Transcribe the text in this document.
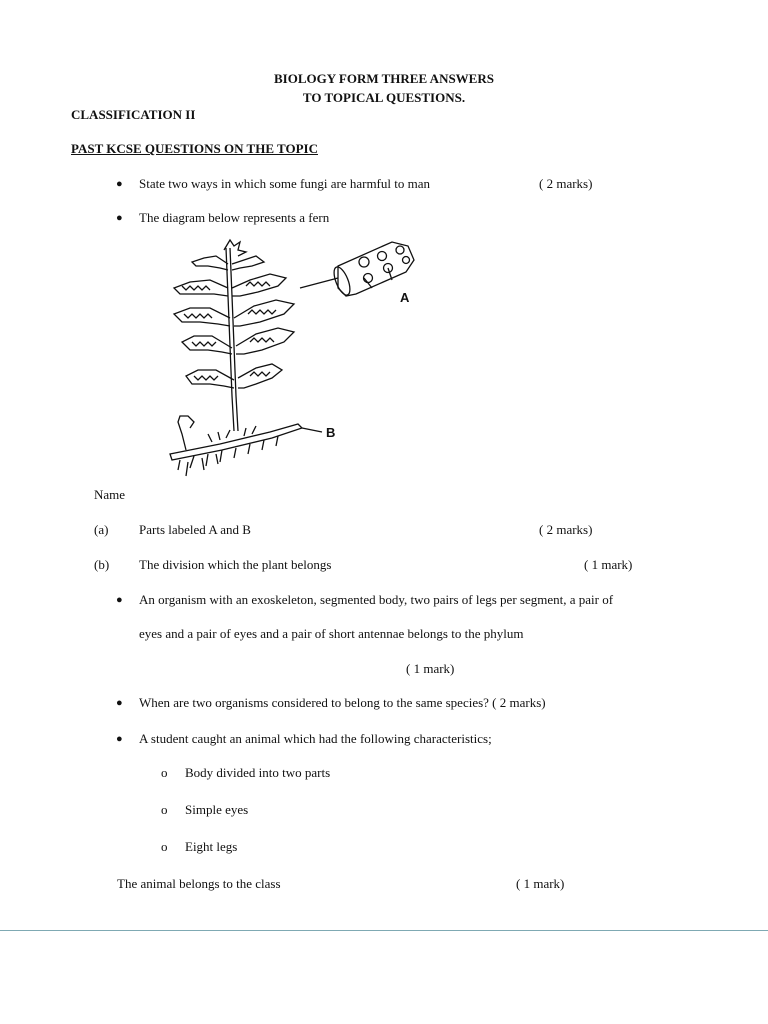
BIOLOGY FORM THREE ANSWERS
TO TOPICAL QUESTIONS.
CLASSIFICATION II
PAST KCSE QUESTIONS ON THE TOPIC
● State two ways in which some fungi are harmful to man	( 2 marks)
● The diagram below represents a fern
A
B
Name
(a) Parts labeled A and B	( 2 marks)
(b) The division which the plant belongs	( 1 mark)
● An organism with an exoskeleton, segmented body, two pairs of legs per segment, a pair of
eyes and a pair of eyes and a pair of short antennae belongs to the phylum
( 1 mark)
● When are two organisms considered to belong to the same species? ( 2 marks)
● A student caught an animal which had the following characteristics;
o Body divided into two parts
o Simple eyes
o Eight legs
The animal belongs to the class	( 1 mark)
